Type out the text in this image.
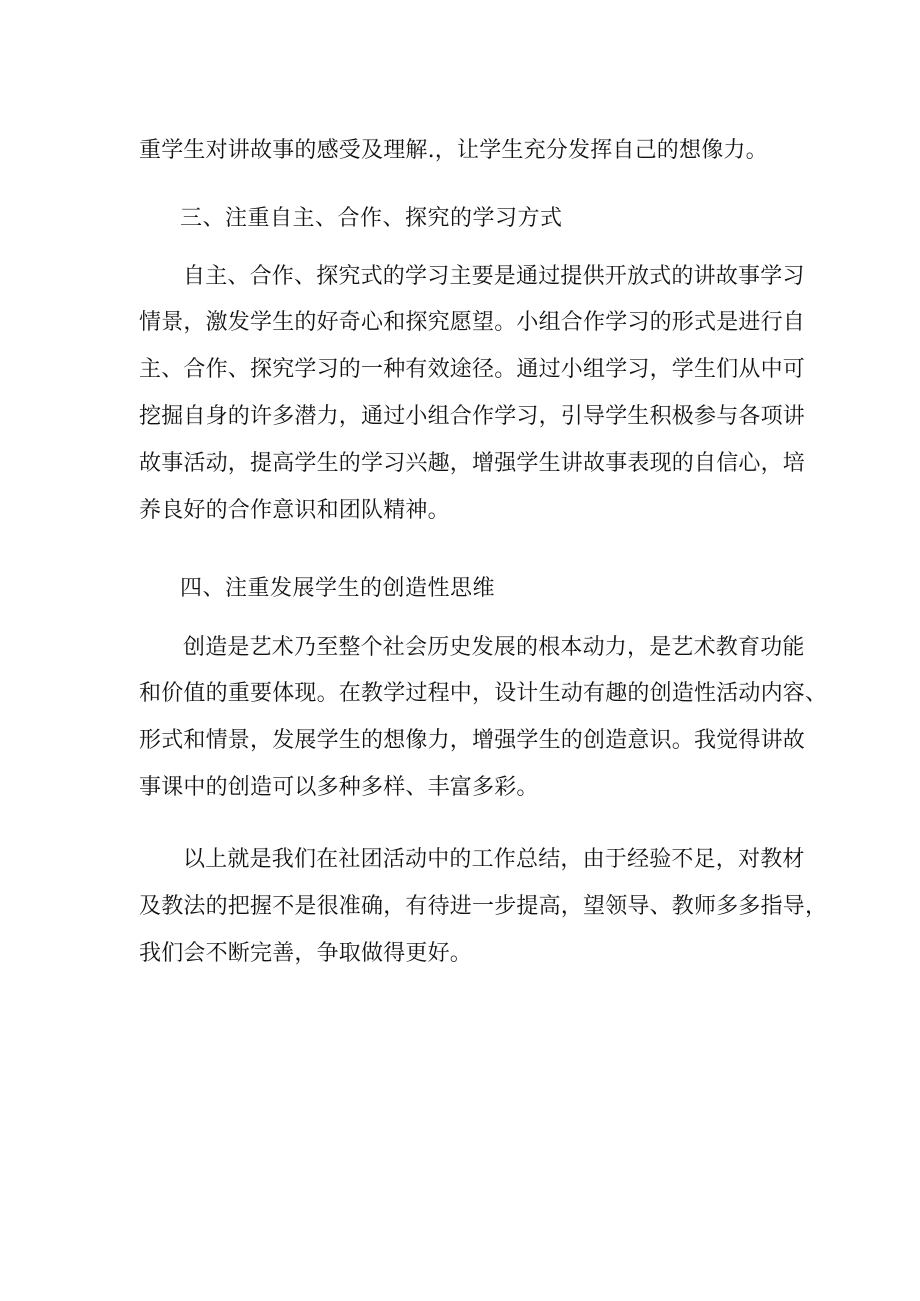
重学生对讲故事的感受及理解.，让学生充分发挥自己的想像力。
三、注重自主、合作、探究的学习方式
自主、合作、探究式的学习主要是通过提供开放式的讲故事学习
情景，激发学生的好奇心和探究愿望。小组合作学习的形式是进行自
主、合作、探究学习的一种有效途径。通过小组学习，学生们从中可
挖掘自身的许多潜力，通过小组合作学习，引导学生积极参与各项讲
故事活动，提高学生的学习兴趣，增强学生讲故事表现的自信心，培
养良好的合作意识和团队精神。
四、注重发展学生的创造性思维
创造是艺术乃至整个社会历史发展的根本动力，是艺术教育功能
和价值的重要体现。在教学过程中，设计生动有趣的创造性活动内容、
形式和情景，发展学生的想像力，增强学生的创造意识。我觉得讲故
事课中的创造可以多种多样、丰富多彩。
以上就是我们在社团活动中的工作总结，由于经验不足，对教材
及教法的把握不是很准确，有待进一步提高，望领导、教师多多指导，
我们会不断完善，争取做得更好。
